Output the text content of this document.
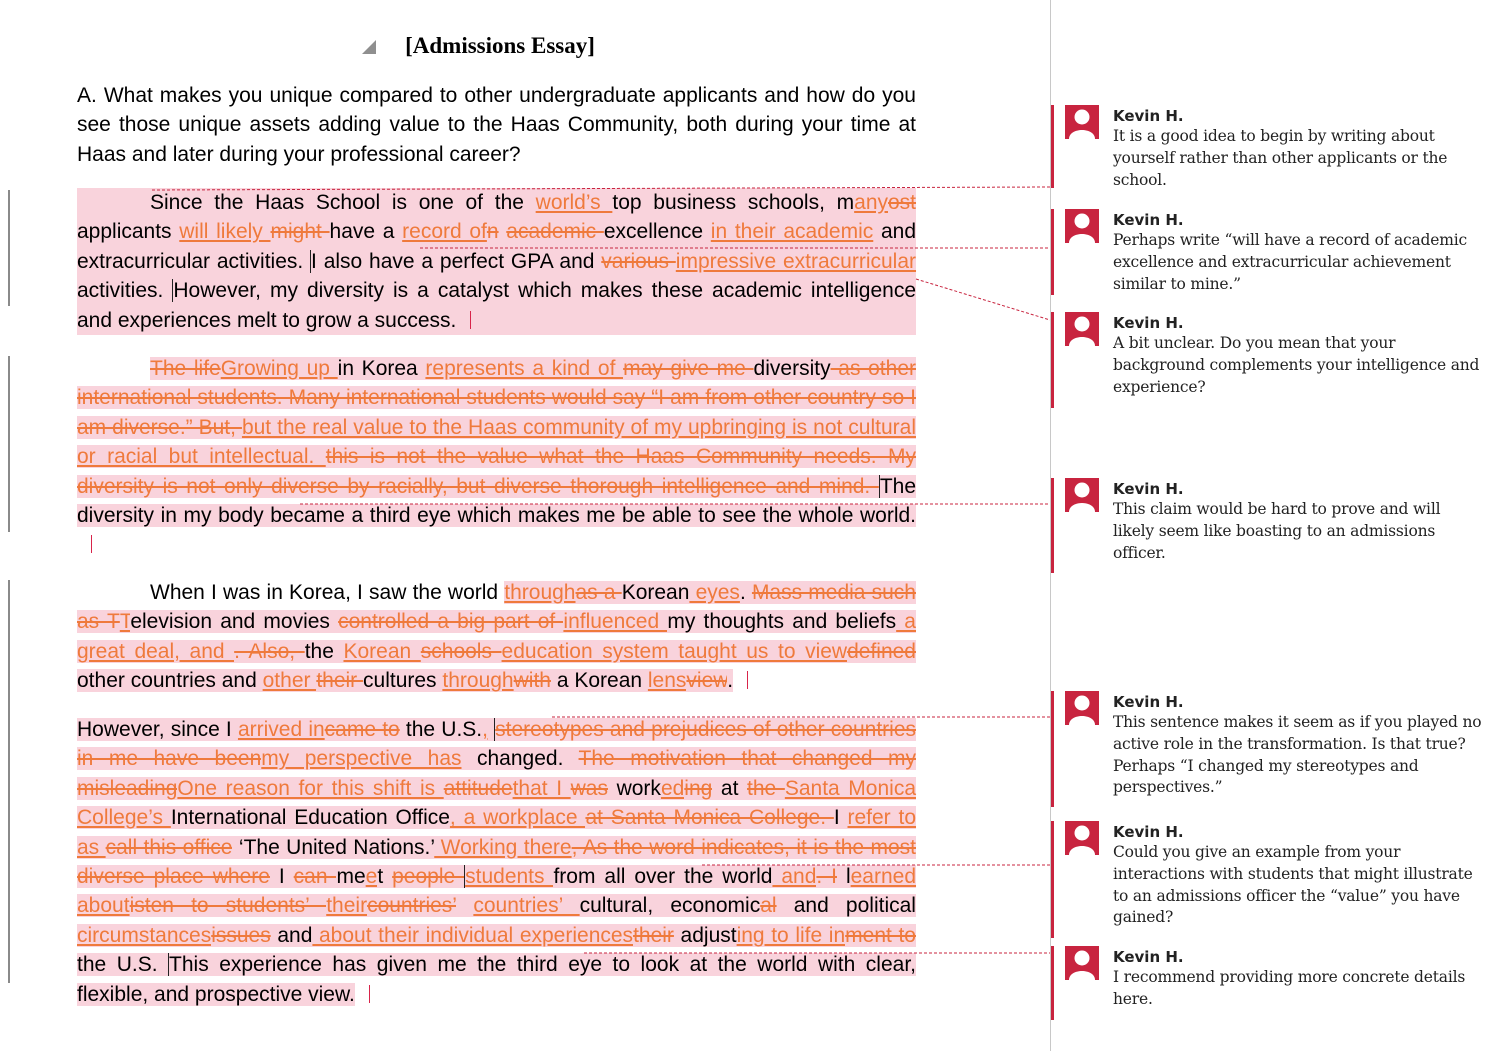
[Admissions Essay]
A. What makes you unique compared to other undergraduate applicants and how do you see those unique assets adding value to the Haas Community, both during your time at Haas and later during your professional career?
Since the Haas School is one of the world’s top business schools, manyost applicants will likely might have a record ofn academic excellence in their academic and extracurricular activities. I also have a perfect GPA and various impressive extracurricular activities. However, my diversity is a catalyst which makes these academic intelligence and experiences melt to grow a success.
The lifeGrowing up in Korea represents a kind of may give me diversity as other international students. Many international students would say “I am from other country so I am diverse.” But, but the real value to the Haas community of my upbringing is not cultural or racial but intellectual. this is not the value what the Haas Community needs. My diversity is not only diverse by racially, but diverse thorough intelligence and mind. The diversity in my body became a third eye which makes me be able to see the whole world.
When I was in Korea, I saw the world throughas a Korean eyes. Mass media such as TTelevision and movies controlled a big part of influenced my thoughts and beliefs a great deal, and . Also, the Korean schools education system taught us to viewdefined other countries and other their cultures throughwith a Korean lensview.
However, since I arrived incame to the U.S., stereotypes and prejudices of other countries in me have beenmy perspective has changed. The motivation that changed my misleadingOne reason for this shift is attitudethat I was workeding at the Santa Monica College’s International Education Office, a workplace at Santa Monica College. I refer to as call this office ‘The United Nations.’ Working there, As the word indicates, it is the most diverse place where I can meet people students from all over the world and. I learned aboutisten to students’ theircountries’ countries’ cultural, economical and political circumstancesissues and about their individual experiencestheir adjusting to life inment to the U.S. This experience has given me the third eye to look at the world with clear, flexible, and prospective view.
Kevin H.
It is a good idea to begin by writing about yourself rather than other applicants or the school.
Kevin H.
Perhaps write “will have a record of academic excellence and extracurricular achievement similar to mine.”
Kevin H.
A bit unclear. Do you mean that your background complements your intelligence and experience?
Kevin H.
This claim would be hard to prove and will likely seem like boasting to an admissions officer.
Kevin H.
This sentence makes it seem as if you played no active role in the transformation. Is that true? Perhaps “I changed my stereotypes and perspectives.”
Kevin H.
Could you give an example from your interactions with students that might illustrate to an admissions officer the “value” you have gained?
Kevin H.
I recommend providing more concrete details here.
